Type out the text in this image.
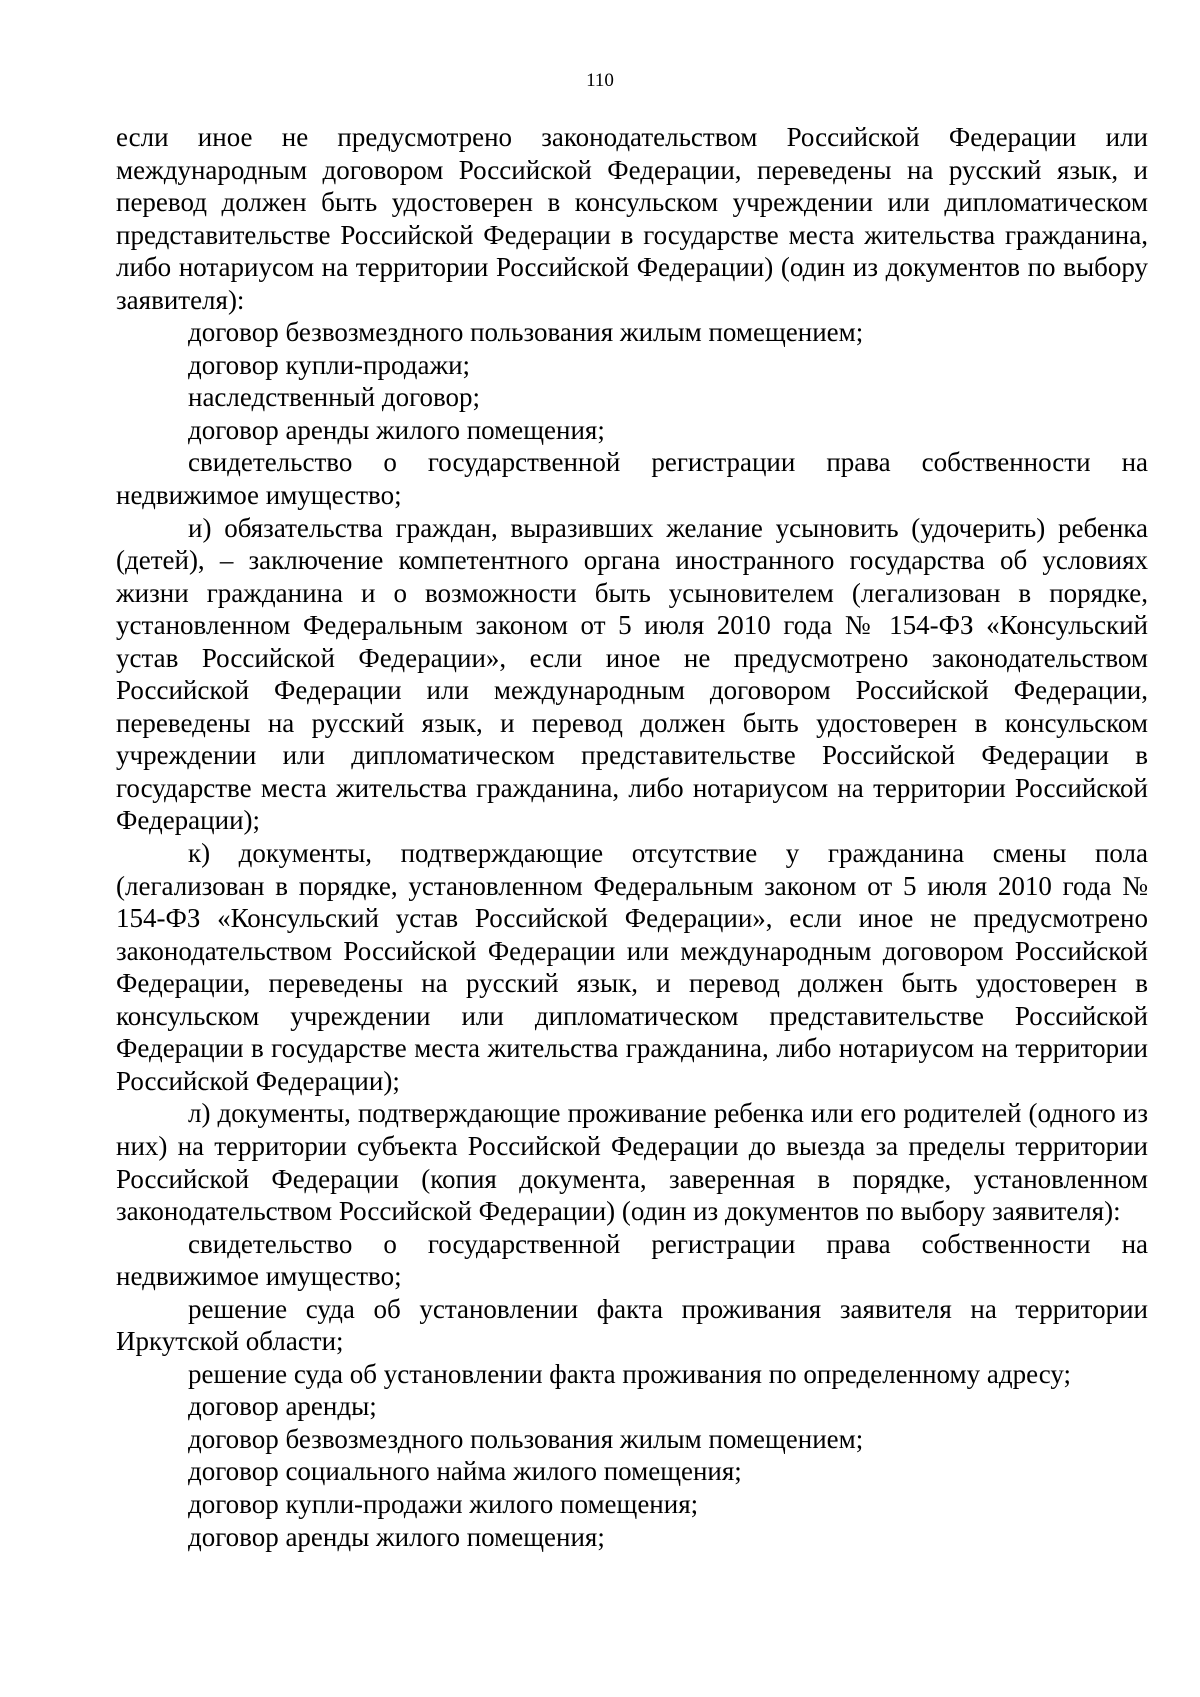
110

если иное не предусмотрено законодательством Российской Федерации или международным договором Российской Федерации, переведены на русский язык, и перевод должен быть удостоверен в консульском учреждении или дипломатическом представительстве Российской Федерации в государстве места жительства гражданина, либо нотариусом на территории Российской Федерации) (один из документов по выбору заявителя):

договор безвозмездного пользования жилым помещением;

договор купли-продажи;

наследственный договор;

договор аренды жилого помещения;

свидетельство о государственной регистрации права собственности на недвижимое имущество;

и) обязательства граждан, выразивших желание усыновить (удочерить) ребенка (детей), – заключение компетентного органа иностранного государства об условиях жизни гражданина и о возможности быть усыновителем (легализован в порядке, установленном Федеральным законом от 5 июля 2010 года № 154-ФЗ «Консульский устав Российской Федерации», если иное не предусмотрено законодательством Российской Федерации или международным договором Российской Федерации, переведены на русский язык, и перевод должен быть удостоверен в консульском учреждении или дипломатическом представительстве Российской Федерации в государстве места жительства гражданина, либо нотариусом на территории Российской Федерации);

к) документы, подтверждающие отсутствие у гражданина смены пола (легализован в порядке, установленном Федеральным законом от 5 июля 2010 года № 154-ФЗ «Консульский устав Российской Федерации», если иное не предусмотрено законодательством Российской Федерации или международным договором Российской Федерации, переведены на русский язык, и перевод должен быть удостоверен в консульском учреждении или дипломатическом представительстве Российской Федерации в государстве места жительства гражданина, либо нотариусом на территории Российской Федерации);

л) документы, подтверждающие проживание ребенка или его родителей (одного из них) на территории субъекта Российской Федерации до выезда за пределы территории Российской Федерации (копия документа, заверенная в порядке, установленном законодательством Российской Федерации) (один из документов по выбору заявителя):

свидетельство о государственной регистрации права собственности на недвижимое имущество;

решение суда об установлении факта проживания заявителя на территории Иркутской области;

решение суда об установлении факта проживания по определенному адресу;

договор аренды;

договор безвозмездного пользования жилым помещением;

договор социального найма жилого помещения;

договор купли-продажи жилого помещения;

договор аренды жилого помещения;
